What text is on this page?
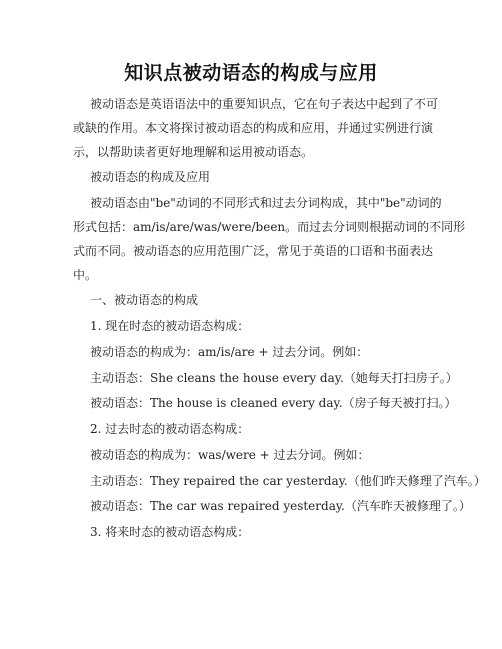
知识点被动语态的构成与应用
被动语态是英语语法中的重要知识点，它在句子表达中起到了不可
或缺的作用。本文将探讨被动语态的构成和应用，并通过实例进行演
示，以帮助读者更好地理解和运用被动语态。
被动语态的构成及应用
被动语态由"be"动词的不同形式和过去分词构成，其中"be"动词的
形式包括：am/is/are/was/were/been。而过去分词则根据动词的不同形
式而不同。被动语态的应用范围广泛，常见于英语的口语和书面表达
中。
一、被动语态的构成
1. 现在时态的被动语态构成：
被动语态的构成为：am/is/are + 过去分词。例如：
主动语态：She cleans the house every day.（她每天打扫房子。）
被动语态：The house is cleaned every day.（房子每天被打扫。）
2. 过去时态的被动语态构成：
被动语态的构成为：was/were + 过去分词。例如：
主动语态：They repaired the car yesterday.（他们昨天修理了汽车。）
被动语态：The car was repaired yesterday.（汽车昨天被修理了。）
3. 将来时态的被动语态构成：
